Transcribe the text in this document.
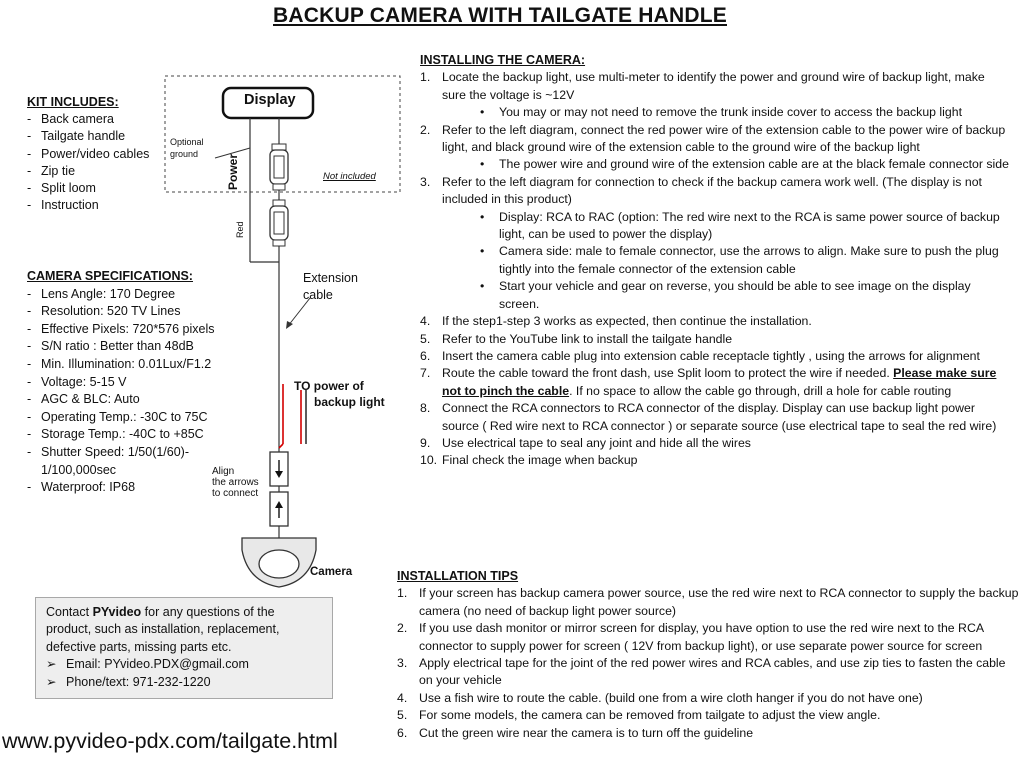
BACKUP CAMERA WITH TAILGATE HANDLE
KIT INCLUDES:
- Back camera
- Tailgate handle
- Power/video cables
- Zip tie
- Split loom
- Instruction
CAMERA SPECIFICATIONS:
- Lens Angle: 170 Degree
- Resolution: 520 TV Lines
- Effective Pixels: 720*576 pixels
- S/N ratio : Better than 48dB
- Min. Illumination: 0.01Lux/F1.2
- Voltage: 5-15 V
- AGC & BLC: Auto
- Operating Temp.: -30C to 75C
- Storage Temp.: -40C to +85C
- Shutter Speed: 1/50(1/60)-
1/100,000sec
- Waterproof: IP68
Contact PYvideo for any questions of the product, such as installation, replacement, defective parts, missing parts etc.
➢ Email: PYvideo.PDX@gmail.com
➢ Phone/text: 971-232-1220
www.pyvideo-pdx.com/tailgate.html
Display
Optional
ground	Power	Not included
Red
Extension
cable
TO power of
backup light
Align
the arrows
to connect
Camera
INSTALLING THE CAMERA:
1. Locate the backup light, use multi-meter to identify the power and ground wire of backup light, make sure the voltage is ~12V
• You may or may not need to remove the trunk inside cover to access the backup light
2. Refer to the left diagram, connect the red power wire of the extension cable to the power wire of backup light, and black ground wire of the extension cable to the ground wire of the backup light
• The power wire and ground wire of the extension cable are at the black female connector side
3. Refer to the left diagram for connection to check if the backup camera work well. (The display is not included in this product)
• Display: RCA to RAC (option: The red wire next to the RCA is same power source of backup light, can be used to power the display)
• Camera side: male to female connector, use the arrows to align. Make sure to push the plug tightly into the female connector of the extension cable
• Start your vehicle and gear on reverse, you should be able to see image on the display screen.
4. If the step1-step 3 works as expected, then continue the installation.
5. Refer to the YouTube link to install the tailgate handle
6. Insert the camera cable plug into extension cable receptacle tightly , using the arrows for alignment
7. Route the cable toward the front dash, use Split loom to protect the wire if needed. Please make sure not to pinch the cable. If no space to allow the cable go through, drill a hole for cable routing
8. Connect the RCA connectors to RCA connector of the display. Display can use backup light power source ( Red wire next to RCA connector ) or separate source (use electrical tape to seal the red wire)
9. Use electrical tape to seal any joint and hide all the wires
10. Final check the image when backup
INSTALLATION TIPS
1. If your screen has backup camera power source, use the red wire next to RCA connector to supply the backup camera (no need of backup light power source)
2. If you use dash monitor or mirror screen for display, you have option to use the red wire next to the RCA connector to supply power for screen ( 12V from backup light), or use separate power source for screen
3. Apply electrical tape for the joint of the red power wires and RCA cables, and use zip ties to fasten the cable on your vehicle
4. Use a fish wire to route the cable. (build one from a wire cloth hanger if you do not have one)
5. For some models, the camera can be removed from tailgate to adjust the view angle.
6. Cut the green wire near the camera is to turn off the guideline
